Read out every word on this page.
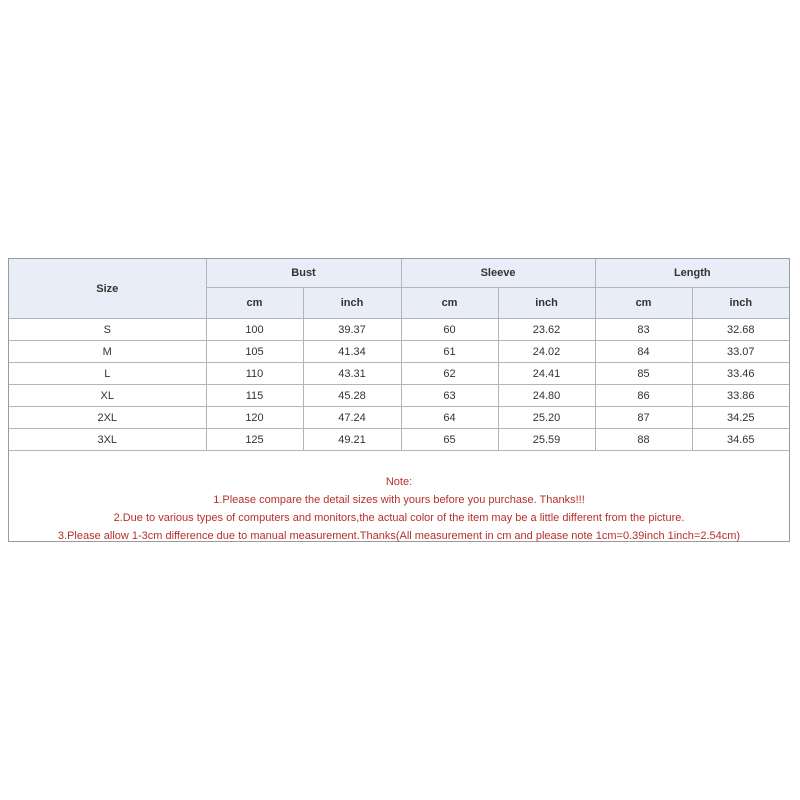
Size	Bust		Sleeve		Length	
	cm	inch	cm	inch	cm	inch
S	100	39.37	60	23.62	83	32.68
M	105	41.34	61	24.02	84	33.07
L	110	43.31	62	24.41	85	33.46
XL	115	45.28	63	24.80	86	33.86
2XL	120	47.24	64	25.20	87	34.25
3XL	125	49.21	65	25.59	88	34.65
Note:
1.Please compare the detail sizes with yours before you purchase. Thanks!!!
2.Due to various types of computers and monitors,the actual color of the item may be a little different from the picture.
3.Please allow 1-3cm difference due to manual measurement.Thanks(All measurement in cm and please note 1cm=0.39inch 1inch=2.54cm)
